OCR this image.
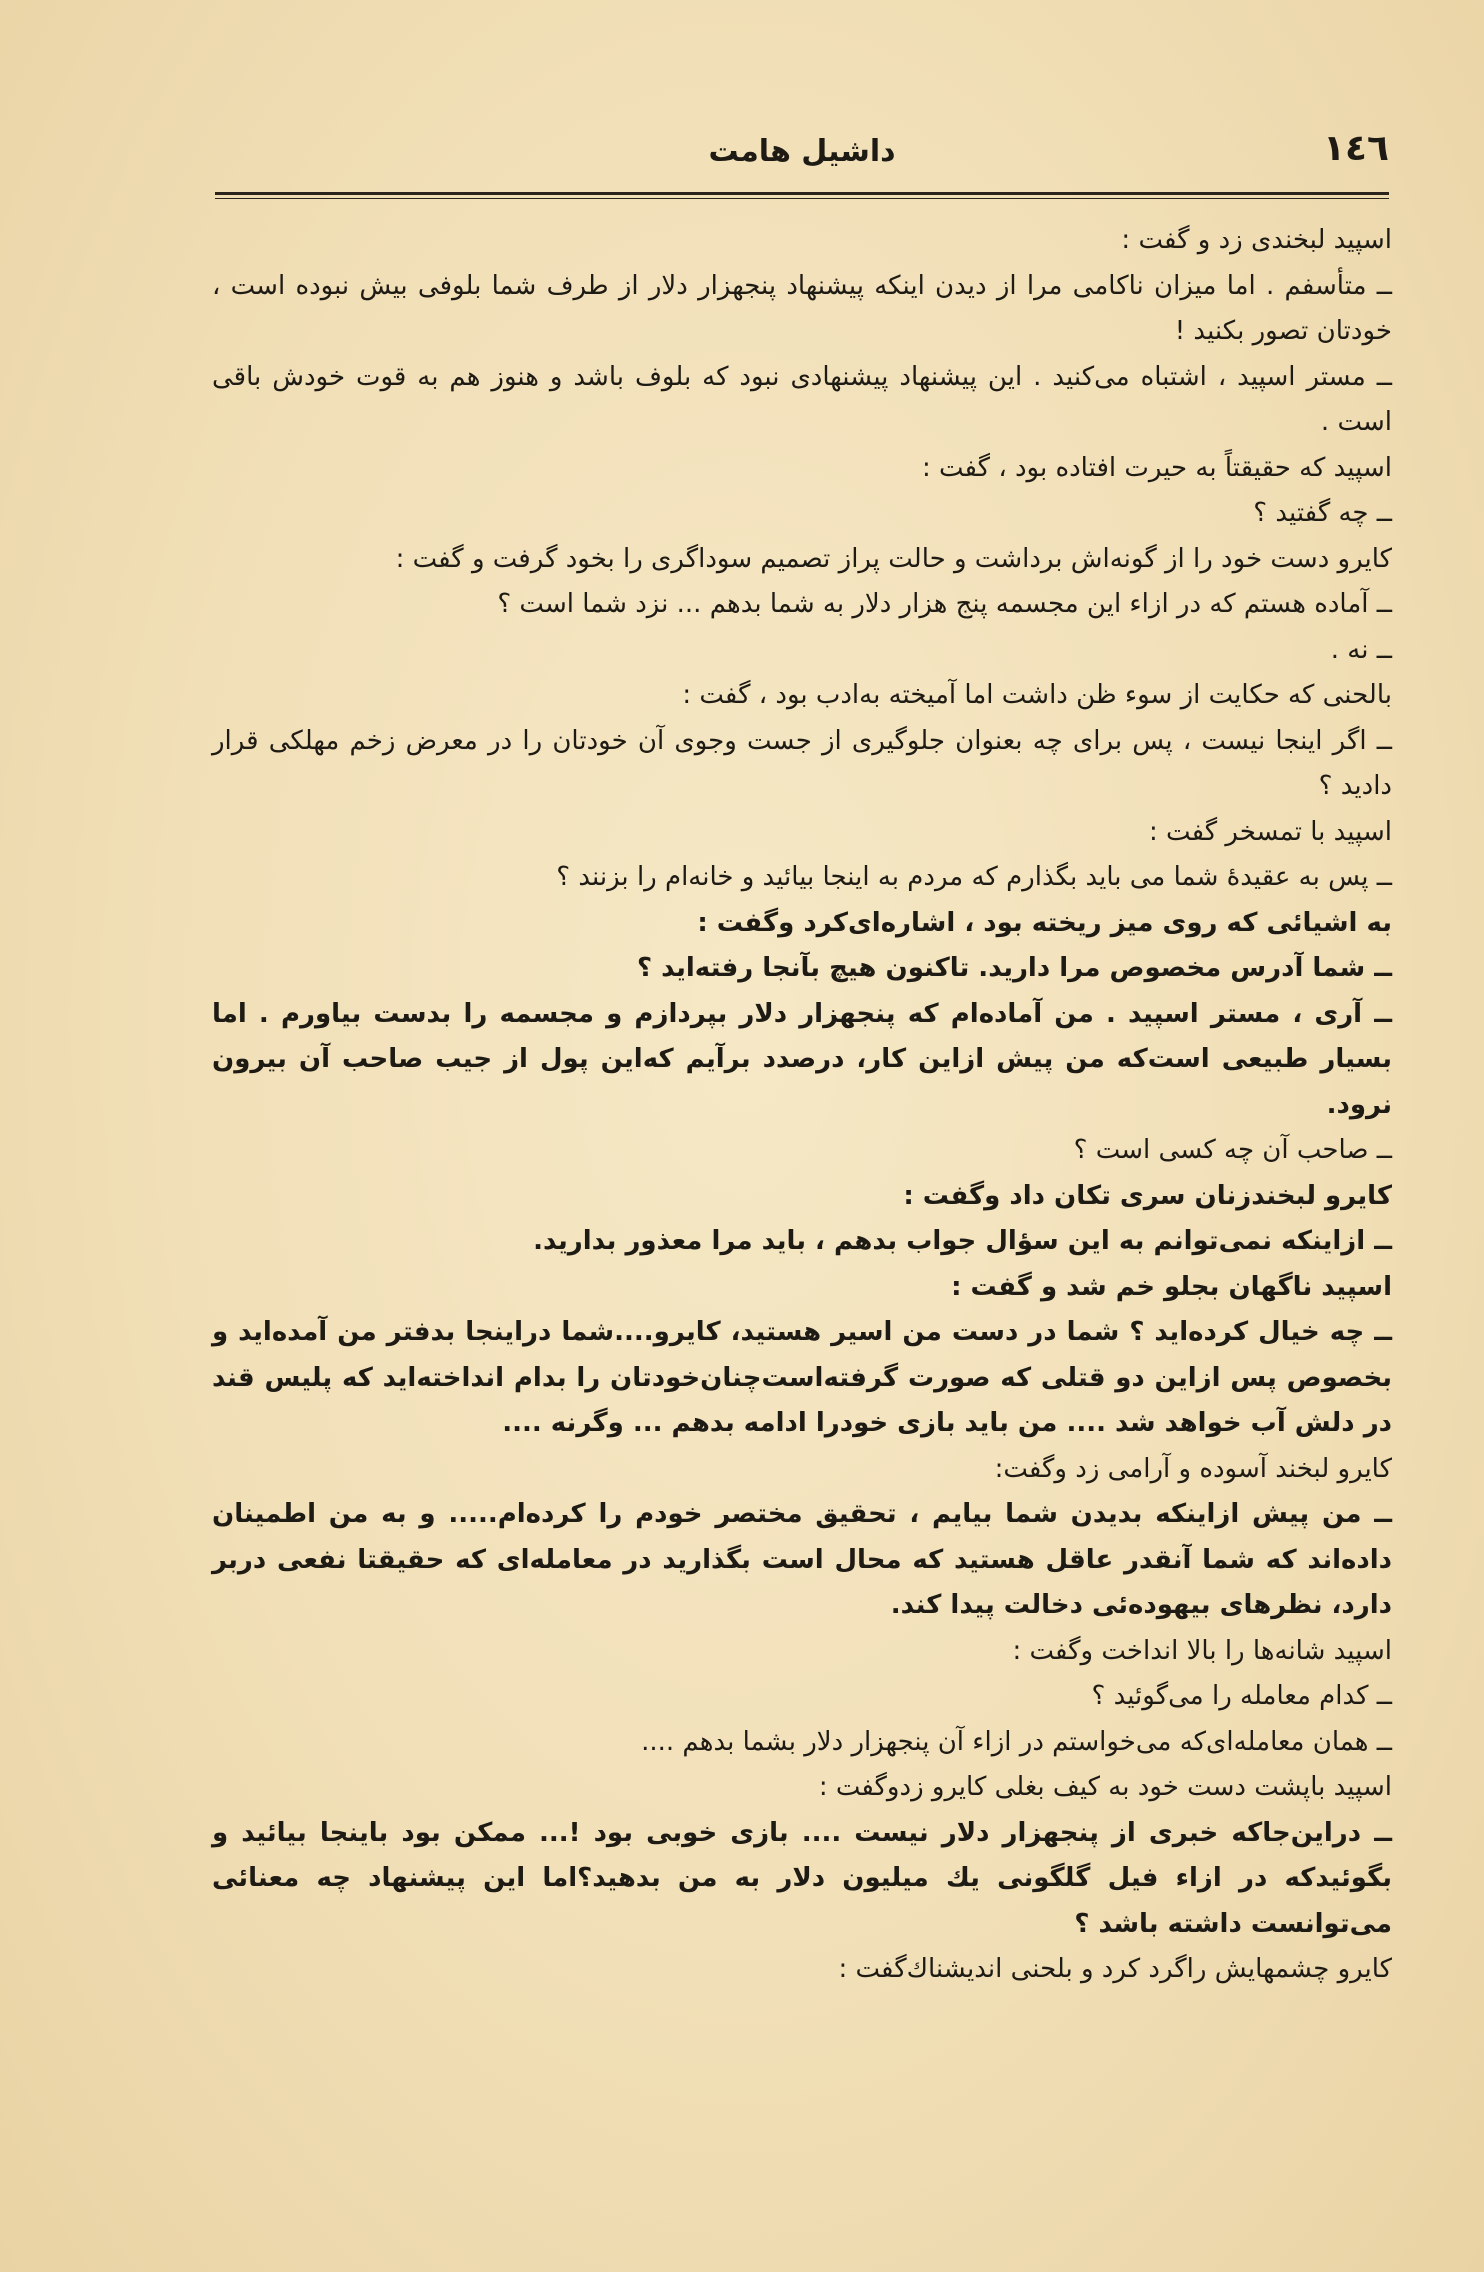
١٤٦
داشیل هامت

اسپید لبخندی زد و گفت :

ــ متأسفم . اما میزان ناکامی مرا از دیدن اینکه پیشنهاد پنجهزار دلار از طرف شما بلوفی بیش نبوده است ، خودتان تصور بکنید !

ــ مستر اسپید ، اشتباه می‌کنید . این پیشنهاد پیشنهادی نبود که بلوف باشد و هنوز هم به قوت خودش باقی است .

اسپید که حقیقتاً به حیرت افتاده بود ، گفت :

ــ چه گفتید ؟

کایرو دست خود را از گونه‌اش برداشت و حالت پراز تصمیم سوداگری را بخود گرفت و گفت :

ــ آماده هستم که در ازاء این مجسمه پنج هزار دلار به شما بدهم ... نزد شما است ؟

ــ نه .

بالحنی که حکایت از سوء ظن داشت اما آمیخته به‌ادب بود ، گفت :

ــ اگر اینجا نیست ، پس برای چه بعنوان جلوگیری از جست وجوی آن خودتان را در معرض زخم مهلکی قرار دادید ؟

اسپید با تمسخر گفت :

ــ پس به عقیدهٔ شما می باید بگذارم که مردم به اینجا بیائید و خانه‌ام را بزنند ؟

به اشیائی که روی میز ریخته بود ، اشاره‌ای‌کرد وگفت :

ــ شما آدرس مخصوص مرا دارید. تاکنون هیچ بآنجا رفته‌اید ؟

ــ آری ، مستر اسپید . من آماده‌ام که پنجهزار دلار بپردازم و مجسمه را بدست بیاورم . اما بسیار طبیعی است‌که من پیش ازاین کار، درصدد برآیم که‌این پول از جیب صاحب آن بیرون نرود.

ــ صاحب آن چه کسی است ؟

کایرو لبخندزنان سری تکان داد وگفت :

ــ ازاینکه نمی‌توانم به این سؤال جواب بدهم ، باید مرا معذور بدارید.

اسپید ناگهان بجلو خم شد و گفت :

ــ چه خیال کرده‌اید ؟ شما در دست من اسیر هستید، کایرو....شما دراینجا بدفتر من آمده‌اید و بخصوص پس ازاین دو قتلی که صورت گرفته‌است‌چنان‌خودتان را بدام انداخته‌اید که پلیس قند در دلش آب خواهد شد .... من باید بازی خودرا ادامه بدهم ... وگرنه ....

کایرو لبخند آسوده و آرامی زد وگفت:

ــ من پیش ازاینکه بدیدن شما بیایم ، تحقیق مختصر خودم را کرده‌ام..... و به من اطمینان داده‌اند که شما آنقدر عاقل هستید که محال است بگذارید در معامله‌ای که حقیقتا نفعی دربر دارد، نظرهای بیهوده‌ئی دخالت پیدا کند.

اسپید شانه‌ها را بالا انداخت وگفت :

ــ کدام معامله را می‌گوئید ؟

ــ همان معامله‌ای‌که می‌خواستم در ازاء آن پنجهزار دلار بشما بدهم ....

اسپید باپشت دست خود به کیف بغلی کایرو زدوگفت :

ــ دراین‌جاکه خبری از پنجهزار دلار نیست .... بازی خوبی بود !... ممکن بود باینجا بیائید و بگوئیدکه در ازاء فیل گلگونی یك میلیون دلار به من بدهید؟اما این پیشنهاد چه معنائی می‌توانست داشته باشد ؟

کایرو چشمهایش راگرد کرد و بلحنی اندیشناك‌گفت :
